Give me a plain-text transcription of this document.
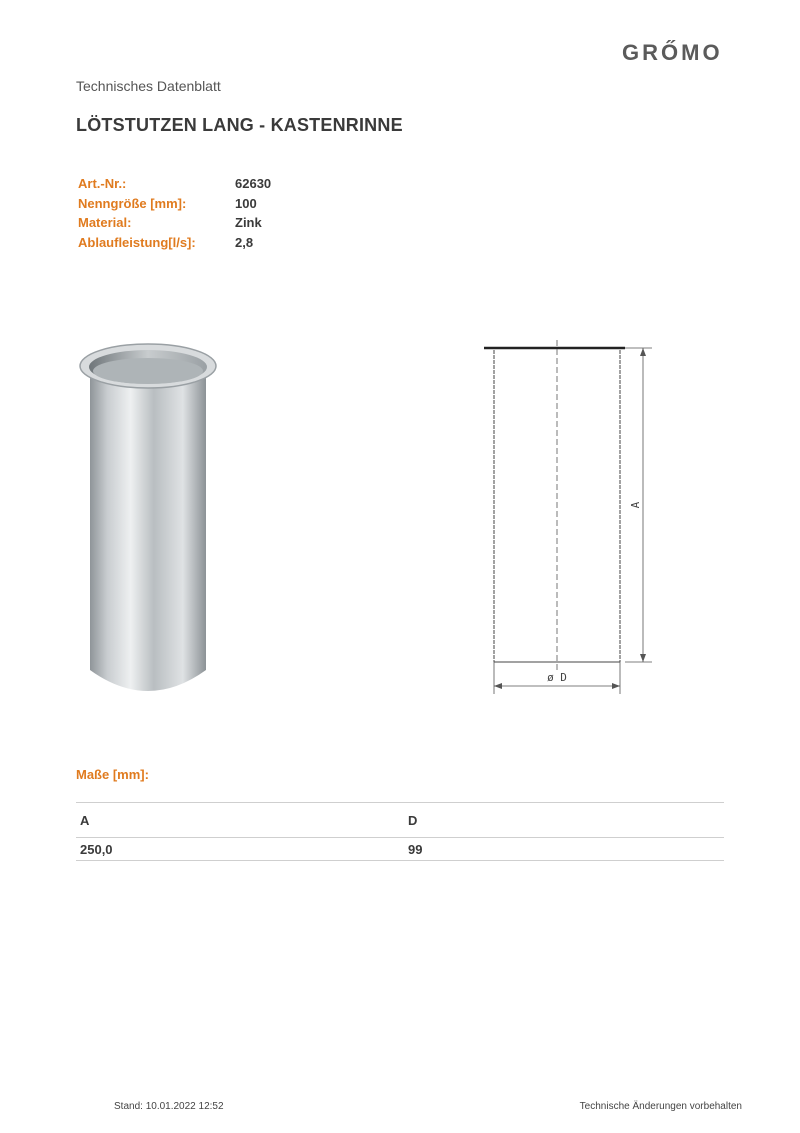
GRŐMO
Technisches Datenblatt
LÖTSTUTZEN LANG - KASTENRINNE
Art.-Nr.:	62630
Nenngröße [mm]:	100
Material:	Zink
Ablaufleistung[l/s]:	2,8
A
ø D
Maße [mm]:
A	D
250,0	99
Stand: 10.01.2022 12:52	Technische Änderungen vorbehalten
